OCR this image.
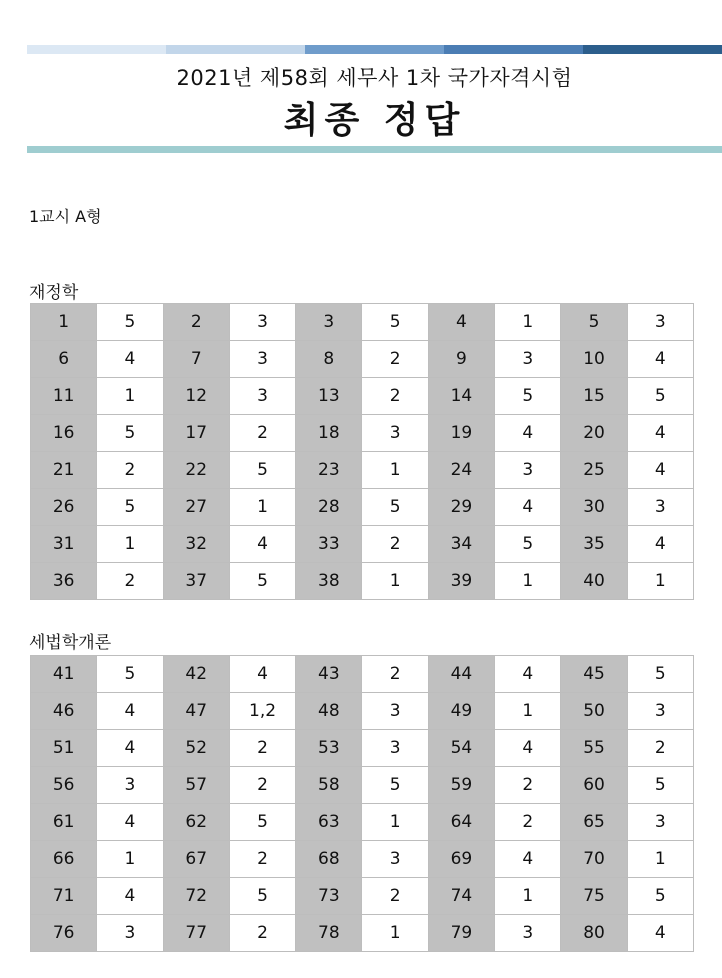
2021년 제58회 세무사 1차 국가자격시험
최종 정답
1교시 A형
재정학
1	5	2	3	3	5	4	1	5	3
6	4	7	3	8	2	9	3	10	4
11	1	12	3	13	2	14	5	15	5
16	5	17	2	18	3	19	4	20	4
21	2	22	5	23	1	24	3	25	4
26	5	27	1	28	5	29	4	30	3
31	1	32	4	33	2	34	5	35	4
36	2	37	5	38	1	39	1	40	1
세법학개론
41	5	42	4	43	2	44	4	45	5
46	4	47	1,2	48	3	49	1	50	3
51	4	52	2	53	3	54	4	55	2
56	3	57	2	58	5	59	2	60	5
61	4	62	5	63	1	64	2	65	3
66	1	67	2	68	3	69	4	70	1
71	4	72	5	73	2	74	1	75	5
76	3	77	2	78	1	79	3	80	4
